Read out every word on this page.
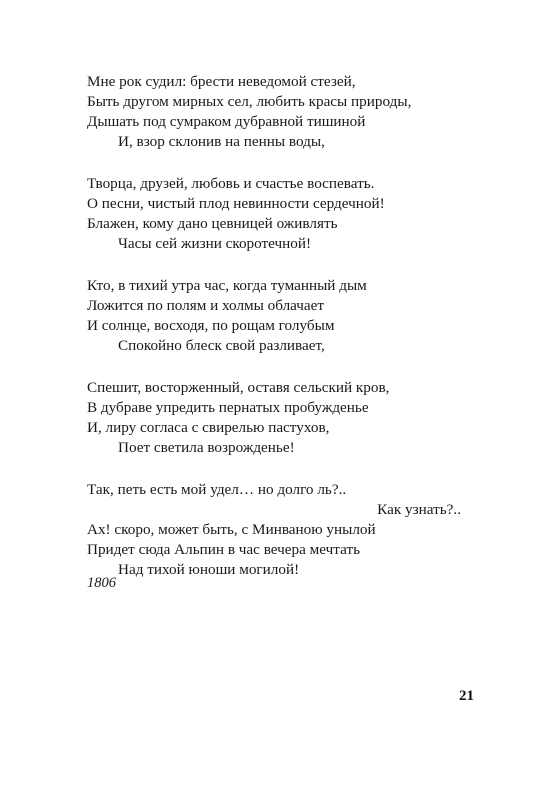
Мне рок судил: брести неведомой стезей,
Быть другом мирных сел, любить красы природы,
Дышать под сумраком дубравной тишиной
И, взор склонив на пенны воды,
Творца, друзей, любовь и счастье воспевать.
О песни, чистый плод невинности сердечной!
Блажен, кому дано цевницей оживлять
Часы сей жизни скоротечной!
Кто, в тихий утра час, когда туманный дым
Ложится по полям и холмы облачает
И солнце, восходя, по рощам голубым
Спокойно блеск свой разливает,
Спешит, восторженный, оставя сельский кров,
В дубраве упредить пернатых пробужденье
И, лиру согласа с свирелью пастухов,
Поет светила возрожденье!
Так, петь есть мой удел… но долго ль?..
Как узнать?..
Ах! скоро, может быть, с Минваною унылой
Придет сюда Альпин в час вечера мечтать
Над тихой юноши могилой!
1806
21
